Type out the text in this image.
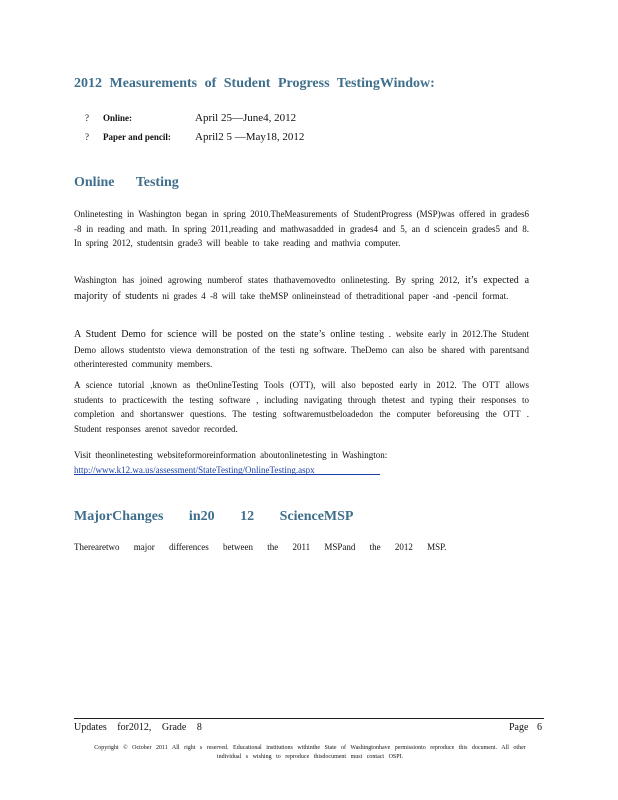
2012 Measurements of Student Progress TestingWindow:

? Online:	April 25—June4, 2012

? Paper and pencil: April2 5 —May18, 2012

Online Testing
Onlinetesting in Washington began in spring 2010.TheMeasurements of StudentProgress (MSP)was offered in grades6 -8 in reading and math. In spring 2011,reading and mathwasadded in grades4 and 5, an d sciencein grades5 and 8. In spring 2012, studentsin grade3 will beable to take reading and mathvia computer.
Washington has joined agrowing numberof states thathavemovedto onlinetesting. By spring 2012, it’s expected a majority of students ni grades 4 -8 will take theMSP onlineinstead of thetraditional paper -and -pencil format.
A Student Demo for science will be posted on the state’s online testing . website early in 2012.The Student Demo allows studentsto viewa demonstration of the testi ng software. TheDemo can also be shared with parentsand otherinterested community members.
A science tutorial ,known as theOnlineTesting Tools (OTT), will also beposted early in 2012. The OTT allows students to practicewith the testing software , including navigating through thetest and typing their responses to completion and shortanswer questions. The testing softwaremustbeloadedon the computer beforeusing the OTT . Student responses arenot savedor recorded.
Visit theonlinetesting websiteformoreinformation aboutonlinetesting in Washington:
http://www.k12.wa.us/assessment/StateTesting/OnlineTesting.aspx
MajorChanges in20 12 ScienceMSP
Therearetwo major differences between the 2011 MSPand the 2012 MSP.
Updates for2012, Grade 8	Page 6
Copyright © October 2011 All right s reserved. Educational institutions withinthe State of Washingtonhave permissionto reproduce this document. All other individual s wishing to reproduce thisdocument must contact OSPI.
